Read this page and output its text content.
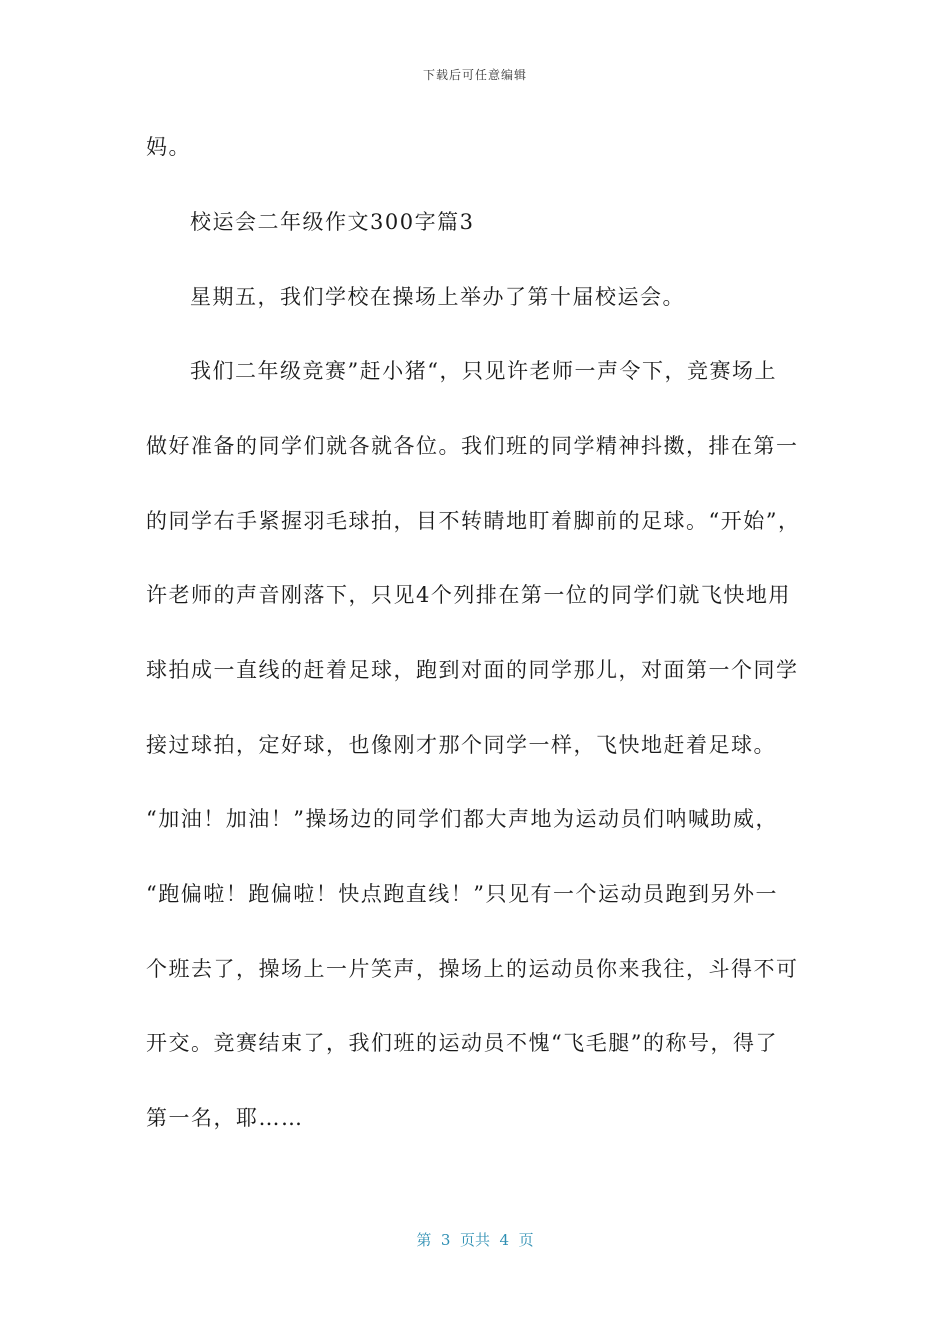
下载后可任意编辑
妈。
校运会二年级作文300字篇3
星期五，我们学校在操场上举办了第十届校运会。
我们二年级竞赛”赶小猪“，只见许老师一声令下，竞赛场上
做好准备的同学们就各就各位。我们班的同学精神抖擞，排在第一
的同学右手紧握羽毛球拍，目不转睛地盯着脚前的足球。“开始”，
许老师的声音刚落下，只见4个列排在第一位的同学们就飞快地用
球拍成一直线的赶着足球，跑到对面的同学那儿，对面第一个同学
接过球拍，定好球，也像刚才那个同学一样，飞快地赶着足球。
“加油！加油！”操场边的同学们都大声地为运动员们呐喊助威，
“跑偏啦！跑偏啦！快点跑直线！”只见有一个运动员跑到另外一
个班去了，操场上一片笑声，操场上的运动员你来我往，斗得不可
开交。竞赛结束了，我们班的运动员不愧“飞毛腿”的称号，得了
第一名，耶……
第  3  页共  4  页
